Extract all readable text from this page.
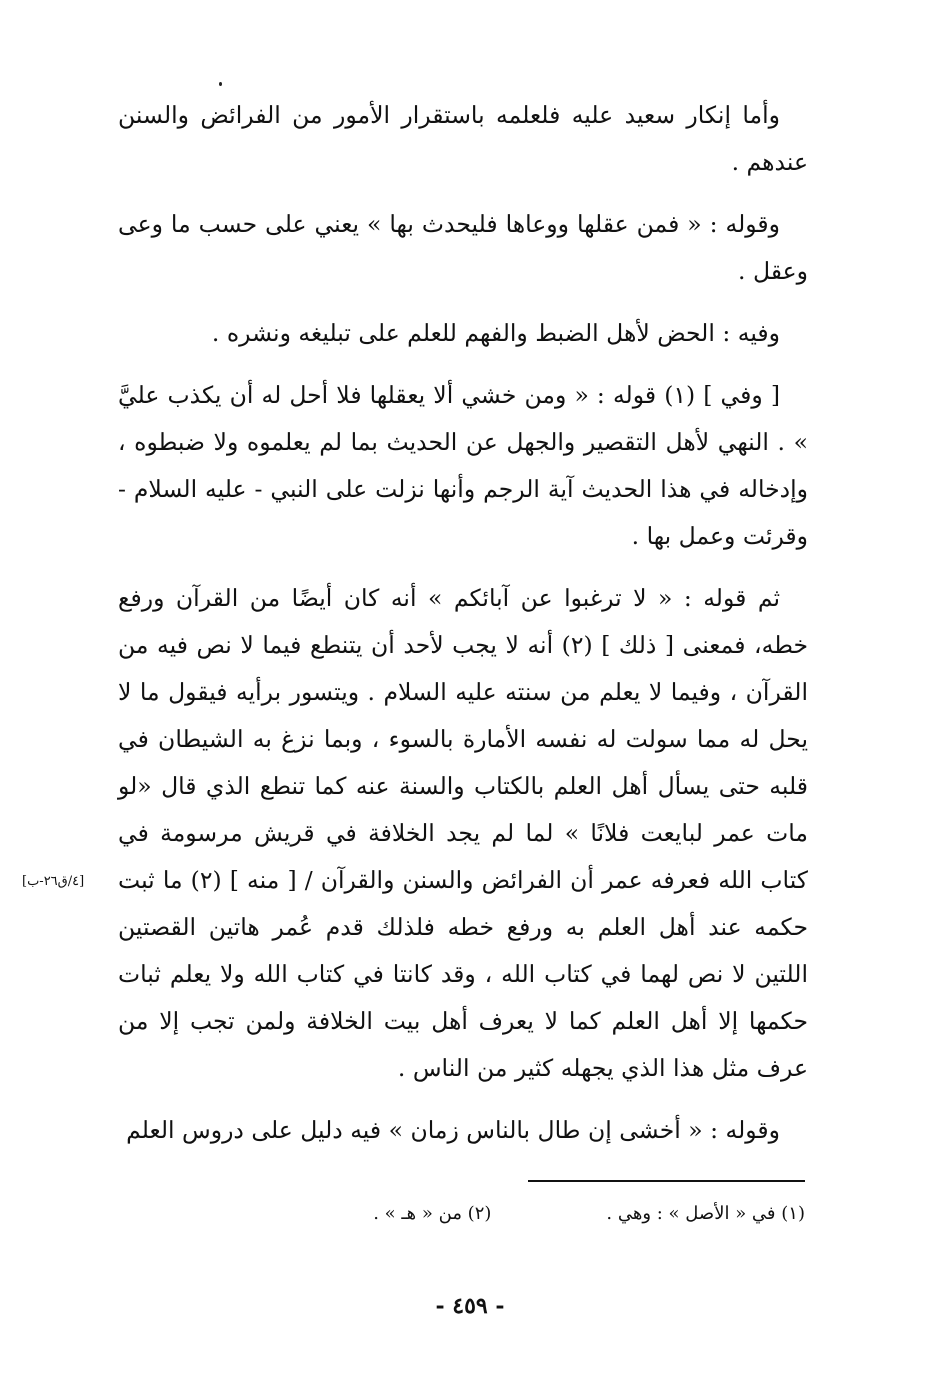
وأما إنكار سعيد عليه فلعلمه باستقرار الأمور من الفرائض والسنن عندهم .

وقوله : « فمن عقلها ووعاها فليحدث بها » يعني على حسب ما وعى وعقل .

وفيه : الحض لأهل الضبط والفهم للعلم على تبليغه ونشره .

[ وفي ] (١) قوله : « ومن خشي ألا يعقلها فلا أحل له أن يكذب عليَّ » . النهي لأهل التقصير والجهل عن الحديث بما لم يعلموه ولا ضبطوه ، وإدخاله في هذا الحديث آية الرجم وأنها نزلت على النبي - عليه السلام - وقرئت وعمل بها .

ثم قوله : « لا ترغبوا عن آبائكم » أنه كان أيضًا من القرآن ورفع خطه، فمعنى [ ذلك ] (٢) أنه لا يجب لأحد أن يتنطع فيما لا نص فيه من القرآن ، وفيما لا يعلم من سنته عليه السلام . ويتسور برأيه فيقول ما لا يحل له مما سولت له نفسه الأمارة بالسوء ، وبما نزغ به الشيطان في قلبه حتى يسأل أهل العلم بالكتاب والسنة عنه كما تنطع الذي قال «لو مات عمر لبايعت فلانًا » لما لم يجد الخلافة في قريش مرسومة في كتاب الله فعرفه عمر أن الفرائض والسنن والقرآن / [ منه ] (٢) ما ثبت حكمه عند أهل العلم به ورفع خطه فلذلك قدم عُمر هاتين القصتين اللتين لا نص لهما في كتاب الله ، وقد كانتا في كتاب الله ولا يعلم ثبات حكمها إلا أهل العلم كما لا يعرف أهل بيت الخلافة ولمن تجب إلا من عرف مثل هذا الذي يجهله كثير من الناس .

وقوله : « أخشى إن طال بالناس زمان » فيه دليل على دروس العلم

[٤/ق٢٦-ب]
(١) في « الأصل » : وهي .
(٢) من « هـ » .
- ٤٥٩ -
